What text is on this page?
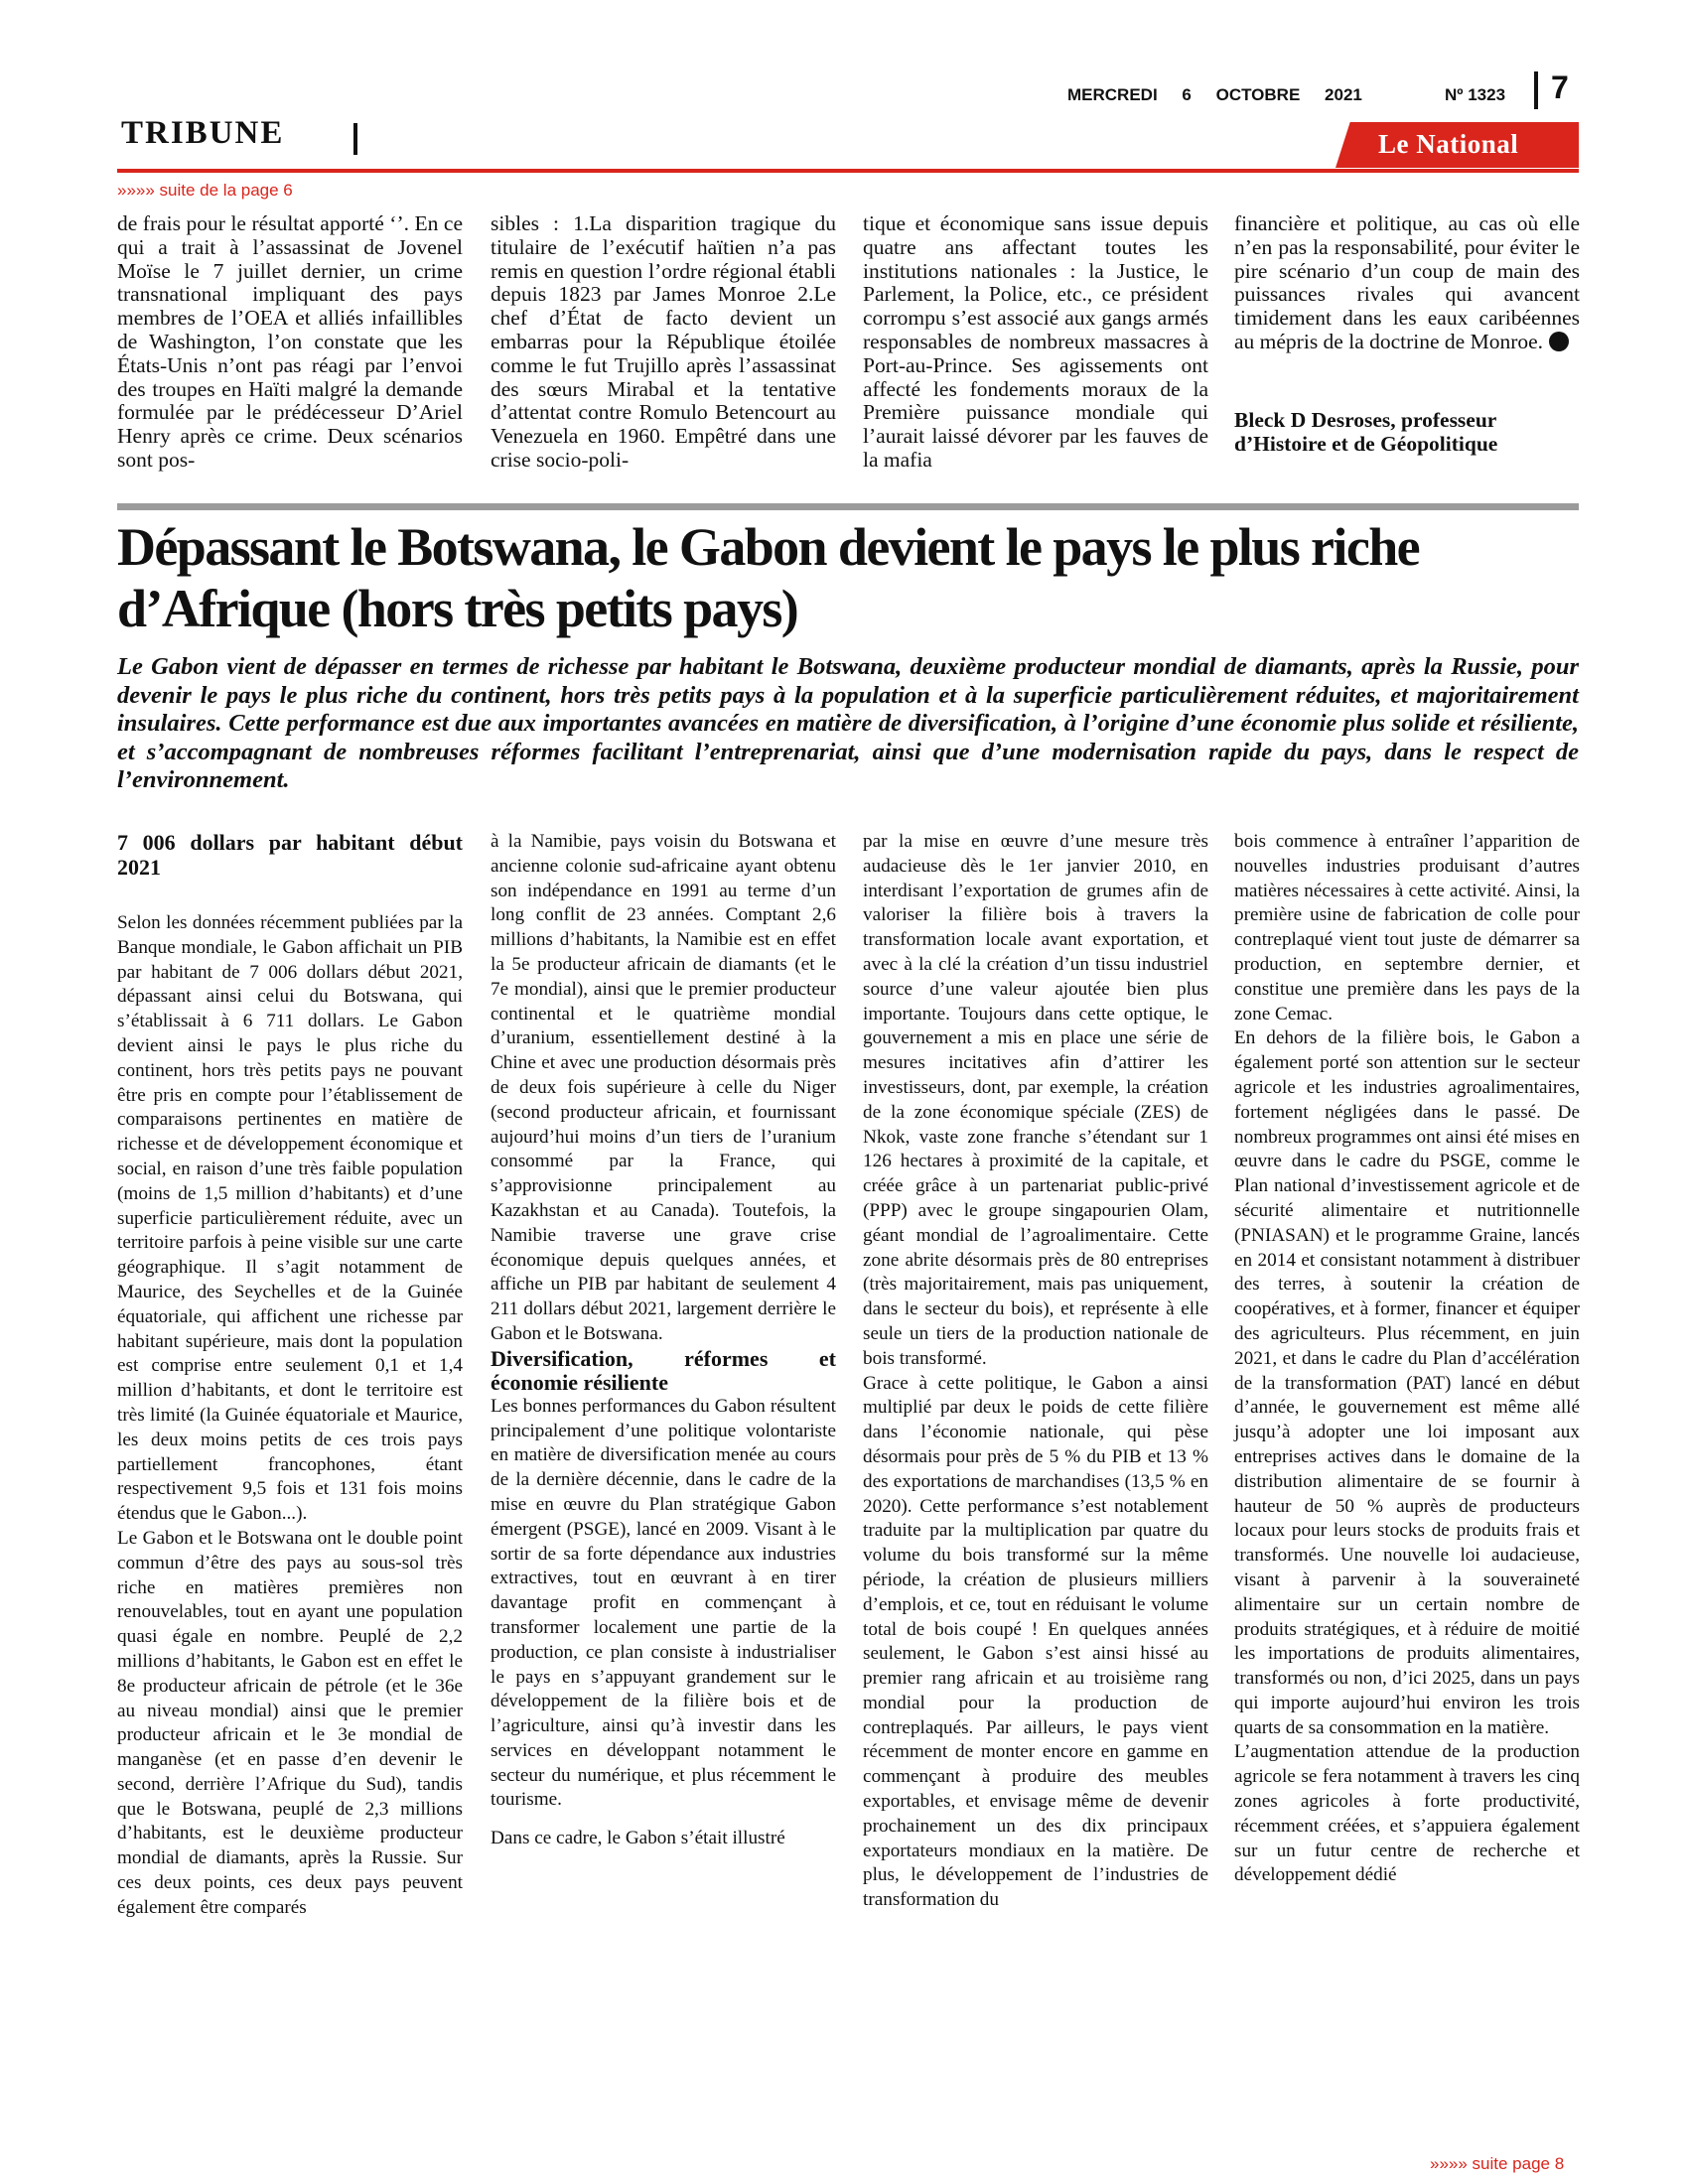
TRIBUNE
MERCREDI 6 OCTOBRE 2021	Nº 1323 7
Le National
»»»» suite de la page 6
de frais pour le résultat apporté ‘’. En ce qui a trait à l’assassinat de Jovenel Moïse le 7 juillet dernier, un crime transnational impliquant des pays membres de l’OEA et alliés infaillibles de Washington, l’on constate que les États-Unis n’ont pas réagi par l’envoi des troupes en Haïti malgré la demande formulée par le prédécesseur D’Ariel Henry après ce crime. Deux scénarios sont pos-
sibles : 1.La disparition tragique du titulaire de l’exécutif haïtien n’a pas remis en question l’ordre régional établi depuis 1823 par James Monroe 2.Le chef d’État de facto devient un embarras pour la République étoilée comme le fut Trujillo après l’assassinat des sœurs Mirabal et la tentative d’attentat contre Romulo Betencourt au Venezuela en 1960. Empêtré dans une crise socio-poli-
tique et économique sans issue depuis quatre ans affectant toutes les institutions nationales : la Justice, le Parlement, la Police, etc., ce président corrompu s’est associé aux gangs armés responsables de nombreux massacres à Port-au-Prince. Ses agissements ont affecté les fondements moraux de la Première puissance mondiale qui l’aurait laissé dévorer par les fauves de la mafia
financière et politique, au cas où elle n’en pas la responsabilité, pour éviter le pire scénario d’un coup de main des puissances rivales qui avancent timidement dans les eaux caribéennes au mépris de la doctrine de Monroe.
Bleck D Desroses, professeur d’Histoire et de Géopolitique
Dépassant le Botswana, le Gabon devient le pays le plus riche d’Afrique (hors très petits pays)
Le Gabon vient de dépasser en termes de richesse par habitant le Botswana, deuxième producteur mondial de diamants, après la Russie, pour devenir le pays le plus riche du continent, hors très petits pays à la population et à la superficie particulièrement réduites, et majoritairement insulaires. Cette performance est due aux importantes avancées en matière de diversification, à l’origine d’une économie plus solide et résiliente, et s’accompagnant de nombreuses réformes facilitant l’entreprenariat, ainsi que d’une modernisation rapide du pays, dans le respect de l’environnement.

7 006 dollars par habitant début 2021

Selon les données récemment publiées par la Banque mondiale, le Gabon affichait un PIB par habitant de 7 006 dollars début 2021, dépassant ainsi celui du Botswana, qui s’établissait à 6 711 dollars. Le Gabon devient ainsi le pays le plus riche du continent, hors très petits pays ne pouvant être pris en compte pour l’établissement de comparaisons pertinentes en matière de richesse et de développement économique et social, en raison d’une très faible population (moins de 1,5 million d’habitants) et d’une superficie particulièrement réduite, avec un territoire parfois à peine visible sur une carte géographique. Il s’agit notamment de Maurice, des Seychelles et de la Guinée équatoriale, qui affichent une richesse par habitant supérieure, mais dont la population est comprise entre seulement 0,1 et 1,4 million d’habitants, et dont le territoire est très limité (la Guinée équatoriale et Maurice, les deux moins petits de ces trois pays partiellement francophones, étant respectivement 9,5 fois et 131 fois moins étendus que le Gabon...).

Le Gabon et le Botswana ont le double point commun d’être des pays au sous-sol très riche en matières premières non renouvelables, tout en ayant une population quasi égale en nombre. Peuplé de 2,2 millions d’habitants, le Gabon est en effet le 8e producteur africain de pétrole (et le 36e au niveau mondial) ainsi que le premier producteur africain et le 3e mondial de manganèse (et en passe d’en devenir le second, derrière l’Afrique du Sud), tandis que le Botswana, peuplé de 2,3 millions d’habitants, est le deuxième producteur mondial de diamants, après la Russie. Sur ces deux points, ces deux pays peuvent également être comparés

à la Namibie, pays voisin du Botswana et ancienne colonie sud-africaine ayant obtenu son indépendance en 1991 au terme d’un long conflit de 23 années. Comptant 2,6 millions d’habitants, la Namibie est en effet la 5e producteur africain de diamants (et le 7e mondial), ainsi que le premier producteur continental et le quatrième mondial d’uranium, essentiellement destiné à la Chine et avec une production désormais près de deux fois supérieure à celle du Niger (second producteur africain, et fournissant aujourd’hui moins d’un tiers de l’uranium consommé par la France, qui s’approvisionne principalement au Kazakhstan et au Canada). Toutefois, la Namibie traverse une grave crise économique depuis quelques années, et affiche un PIB par habitant de seulement 4 211 dollars début 2021, largement derrière le Gabon et le Botswana.

Diversification, réformes et économie résiliente

Les bonnes performances du Gabon résultent principalement d’une politique volontariste en matière de diversification menée au cours de la dernière décennie, dans le cadre de la mise en œuvre du Plan stratégique Gabon émergent (PSGE), lancé en 2009. Visant à le sortir de sa forte dépendance aux industries extractives, tout en œuvrant à en tirer davantage profit en commençant à transformer localement une partie de la production, ce plan consiste à industrialiser le pays en s’appuyant grandement sur le développement de la filière bois et de l’agriculture, ainsi qu’à investir dans les services en développant notamment le secteur du numérique, et plus récemment le tourisme.

Dans ce cadre, le Gabon s’était illustré

par la mise en œuvre d’une mesure très audacieuse dès le 1er janvier 2010, en interdisant l’exportation de grumes afin de valoriser la filière bois à travers la transformation locale avant exportation, et avec à la clé la création d’un tissu industriel source d’une valeur ajoutée bien plus importante. Toujours dans cette optique, le gouvernement a mis en place une série de mesures incitatives afin d’attirer les investisseurs, dont, par exemple, la création de la zone économique spéciale (ZES) de Nkok, vaste zone franche s’étendant sur 1 126 hectares à proximité de la capitale, et créée grâce à un partenariat public-privé (PPP) avec le groupe singapourien Olam, géant mondial de l’agroalimentaire. Cette zone abrite désormais près de 80 entreprises (très majoritairement, mais pas uniquement, dans le secteur du bois), et représente à elle seule un tiers de la production nationale de bois transformé.

Grace à cette politique, le Gabon a ainsi multiplié par deux le poids de cette filière dans l’économie nationale, qui pèse désormais pour près de 5 % du PIB et 13 % des exportations de marchandises (13,5 % en 2020). Cette performance s’est notablement traduite par la multiplication par quatre du volume du bois transformé sur la même période, la création de plusieurs milliers d’emplois, et ce, tout en réduisant le volume total de bois coupé ! En quelques années seulement, le Gabon s’est ainsi hissé au premier rang africain et au troisième rang mondial pour la production de contreplaqués. Par ailleurs, le pays vient récemment de monter encore en gamme en commençant à produire des meubles exportables, et envisage même de devenir prochainement un des dix principaux exportateurs mondiaux en la matière. De plus, le développement de l’industries de transformation du

bois commence à entraîner l’apparition de nouvelles industries produisant d’autres matières nécessaires à cette activité. Ainsi, la première usine de fabrication de colle pour contreplaqué vient tout juste de démarrer sa production, en septembre dernier, et constitue une première dans les pays de la zone Cemac.

En dehors de la filière bois, le Gabon a également porté son attention sur le secteur agricole et les industries agroalimentaires, fortement négligées dans le passé. De nombreux programmes ont ainsi été mises en œuvre dans le cadre du PSGE, comme le Plan national d’investissement agricole et de sécurité alimentaire et nutritionnelle (PNIASAN) et le programme Graine, lancés en 2014 et consistant notamment à distribuer des terres, à soutenir la création de coopératives, et à former, financer et équiper des agriculteurs. Plus récemment, en juin 2021, et dans le cadre du Plan d’accélération de la transformation (PAT) lancé en début d’année, le gouvernement est même allé jusqu’à adopter une loi imposant aux entreprises actives dans le domaine de la distribution alimentaire de se fournir à hauteur de 50 % auprès de producteurs locaux pour leurs stocks de produits frais et transformés. Une nouvelle loi audacieuse, visant à parvenir à la souveraineté alimentaire sur un certain nombre de produits stratégiques, et à réduire de moitié les importations de produits alimentaires, transformés ou non, d’ici 2025, dans un pays qui importe aujourd’hui environ les trois quarts de sa consommation en la matière.

L’augmentation attendue de la production agricole se fera notamment à travers les cinq zones agricoles à forte productivité, récemment créées, et s’appuiera également sur un futur centre de recherche et développement dédié

»»»» suite page 8
